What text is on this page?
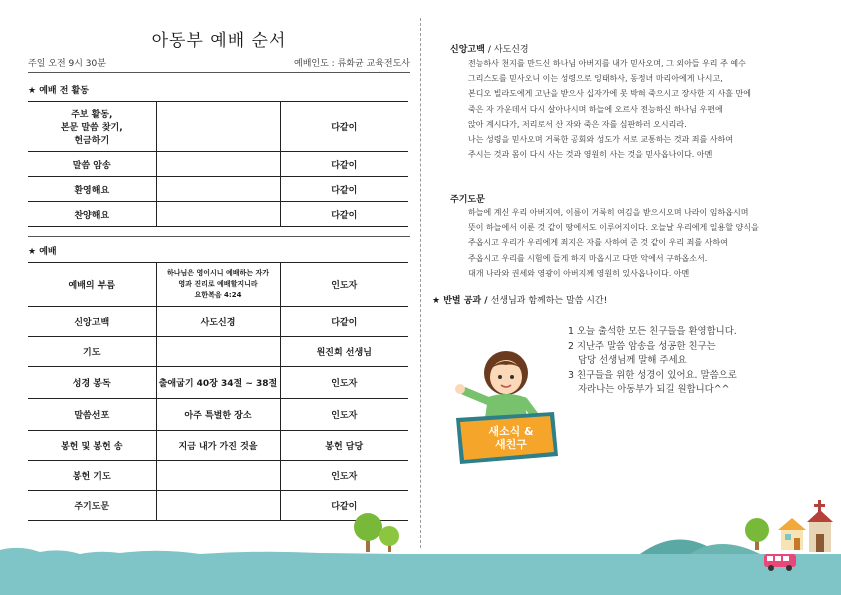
아동부 예배 순서
주일 오전 9시 30분	예배인도 : 류화균 교육전도사
★ 예배 전 활동
주보 활동,
본문 말씀 찾기,
헌금하기		다같이
말씀 암송		다같이
환영해요		다같이
찬양해요		다같이
★ 예배
예배의 부름	하나님은 영이시니 예배하는 자가
영과 진리로 예배할지니라
요한복음 4:24	인도자
신앙고백	사도신경	다같이
기도		원진희 선생님
성경 봉독	출애굽기 40장 34절 ~ 38절	인도자
말씀선포	아주 특별한 장소	인도자
봉헌 및 봉헌 송	지금 내가 가진 것을	봉헌 담당
봉헌 기도		인도자
주기도문		다같이
신앙고백 / 사도신경

전능하사 천지를 만드신 하나님 아버지를 내가 믿사오며, 그 외아들 우리 주 예수

그리스도를 믿사오니 이는 성령으로 잉태하사, 동정녀 마리아에게 나시고,

본디오 빌라도에게 고난을 받으사 십자가에 못 박혀 죽으시고 장사한 지 사흘 만에

죽은 자 가운데서 다시 살아나시며 하늘에 오르사 전능하신 하나님 우편에

앉아 계시다가, 저리로서 산 자와 죽은 자를 심판하러 오시리라.

나는 성령을 믿사오며 거룩한 공회와 성도가 서로 교통하는 것과 죄를 사하여

주시는 것과 몸이 다시 사는 것과 영원히 사는 것을 믿사옵나이다. 아멘

주기도문

하늘에 계신 우리 아버지여, 이름이 거룩히 여김을 받으시오며 나라이 임하옵시며

뜻이 하늘에서 이룬 것 같이 땅에서도 이루어지이다. 오늘날 우리에게 일용할 양식을

주옵시고 우리가 우리에게 죄지은 자를 사하여 준 것 같이 우리 죄를 사하여

주옵시고 우리를 시험에 들게 하지 마옵시고 다만 악에서 구하옵소서.

대개 나라와 권세와 영광이 아버지께 영원히 있사옵나이다. 아멘

★ 반별 공과 / 선생님과 함께하는 말씀 시간!
1 오늘 출석한 모든 친구들을 환영합니다.
2 지난주 말씀 암송을 성공한 친구는
담당 선생님께 말해 주세요
3 친구들을 위한 성경이 있어요. 말씀으로
자라나는 아동부가 되길 원합니다^^
새소식 &
새친구
